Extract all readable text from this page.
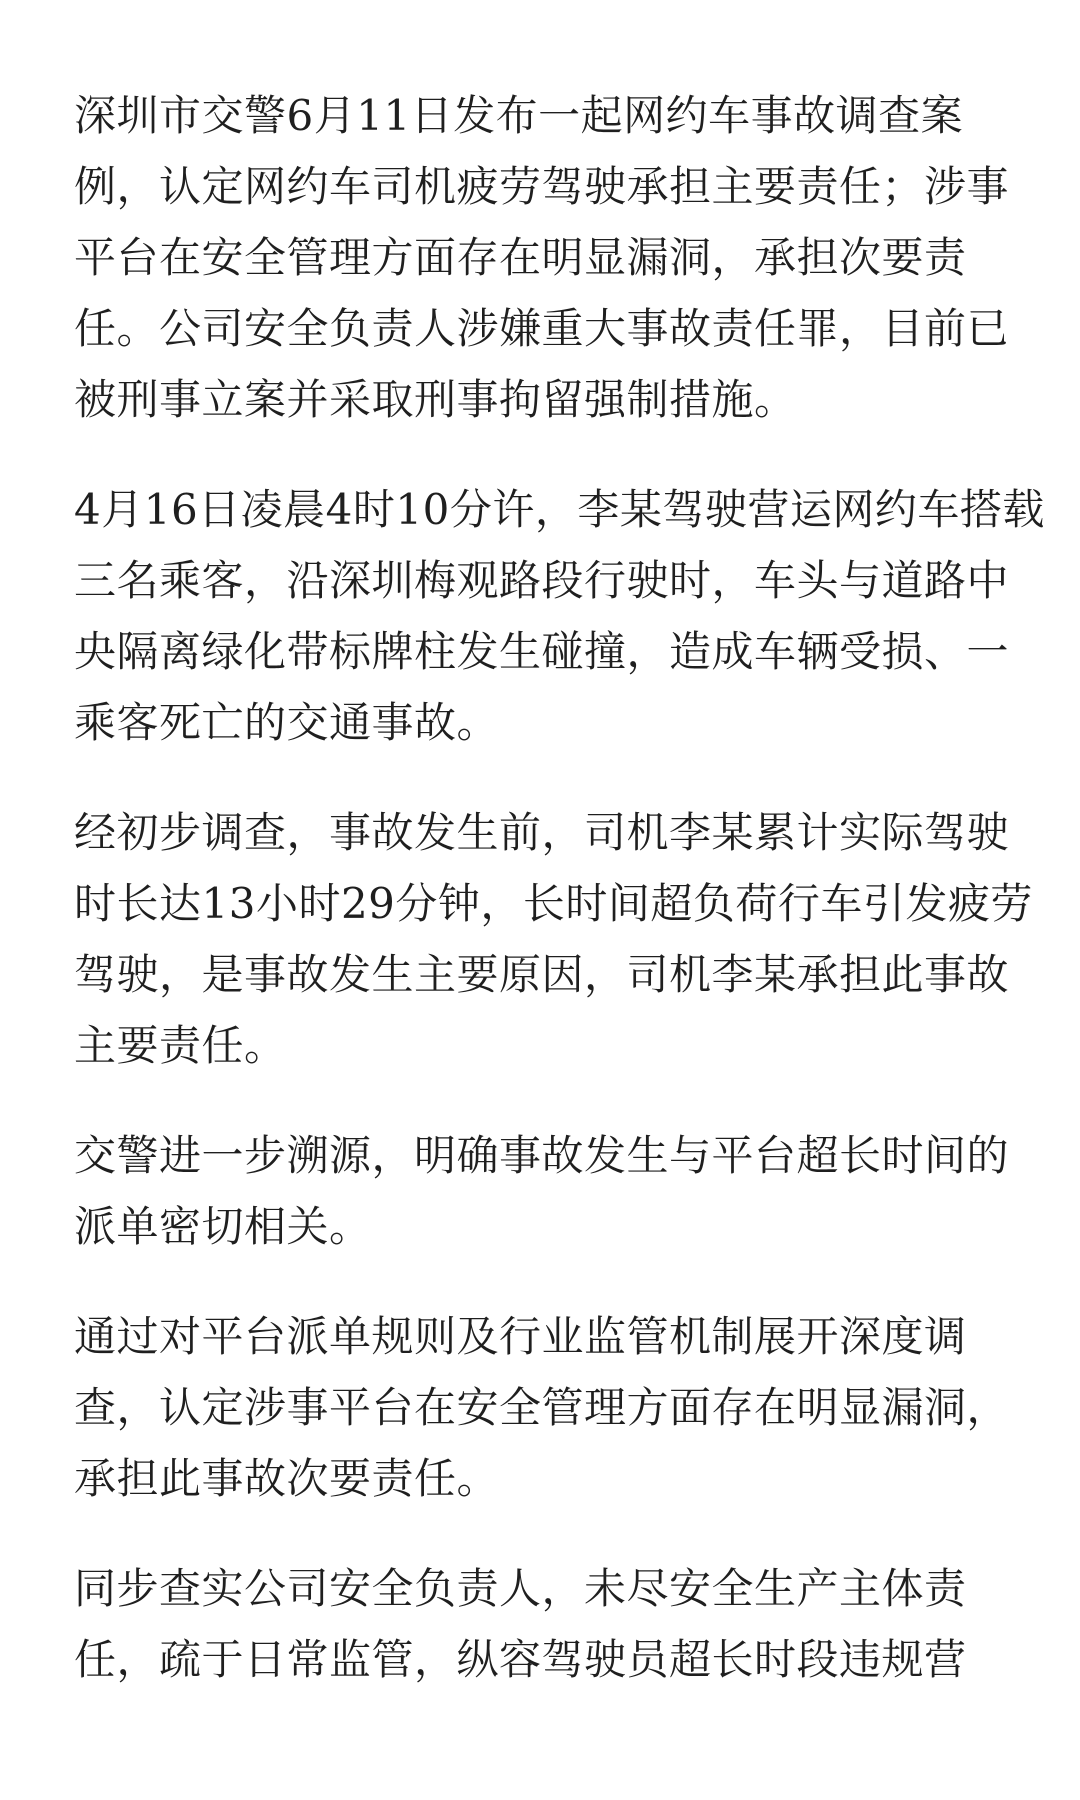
深圳市交警6月11日发布一起网约车事故调查案
例，认定网约车司机疲劳驾驶承担主要责任；涉事
平台在安全管理方面存在明显漏洞，承担次要责
任。公司安全负责人涉嫌重大事故责任罪，目前已
被刑事立案并采取刑事拘留强制措施。

4月16日凌晨4时10分许，李某驾驶营运网约车搭载
三名乘客，沿深圳梅观路段行驶时，车头与道路中
央隔离绿化带标牌柱发生碰撞，造成车辆受损、一
乘客死亡的交通事故。

经初步调查，事故发生前，司机李某累计实际驾驶
时长达13小时29分钟，长时间超负荷行车引发疲劳
驾驶，是事故发生主要原因，司机李某承担此事故
主要责任。

交警进一步溯源，明确事故发生与平台超长时间的
派单密切相关。

通过对平台派单规则及行业监管机制展开深度调
查，认定涉事平台在安全管理方面存在明显漏洞，
承担此事故次要责任。

同步查实公司安全负责人，未尽安全生产主体责
任，疏于日常监管，纵容驾驶员超长时段违规营
